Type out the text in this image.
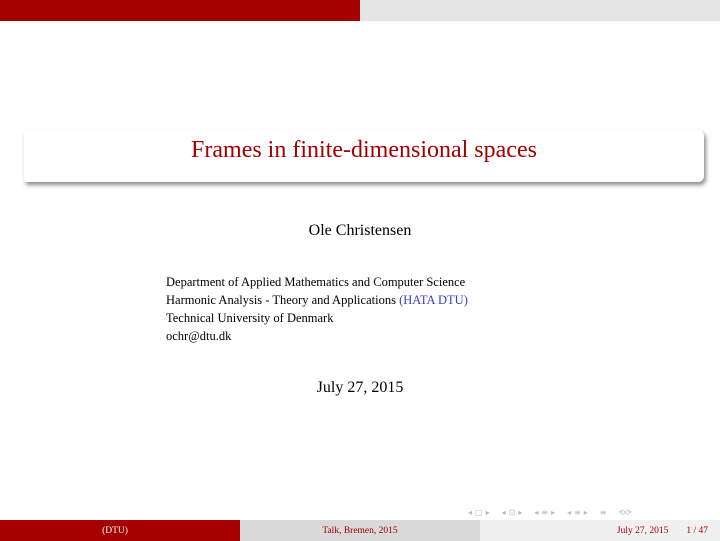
Frames in finite-dimensional spaces
Ole Christensen
Department of Applied Mathematics and Computer Science
Harmonic Analysis - Theory and Applications (HATA DTU)
Technical University of Denmark
ochr@dtu.dk
July 27, 2015
◂ □ ▸ ◂ ⊡ ▸ ◂ ≡ ▸ ◂ ≡ ▸ ≡ ⟲⟳
(DTU)	Talk, Bremen, 2015	July 27, 2015 1 / 47
